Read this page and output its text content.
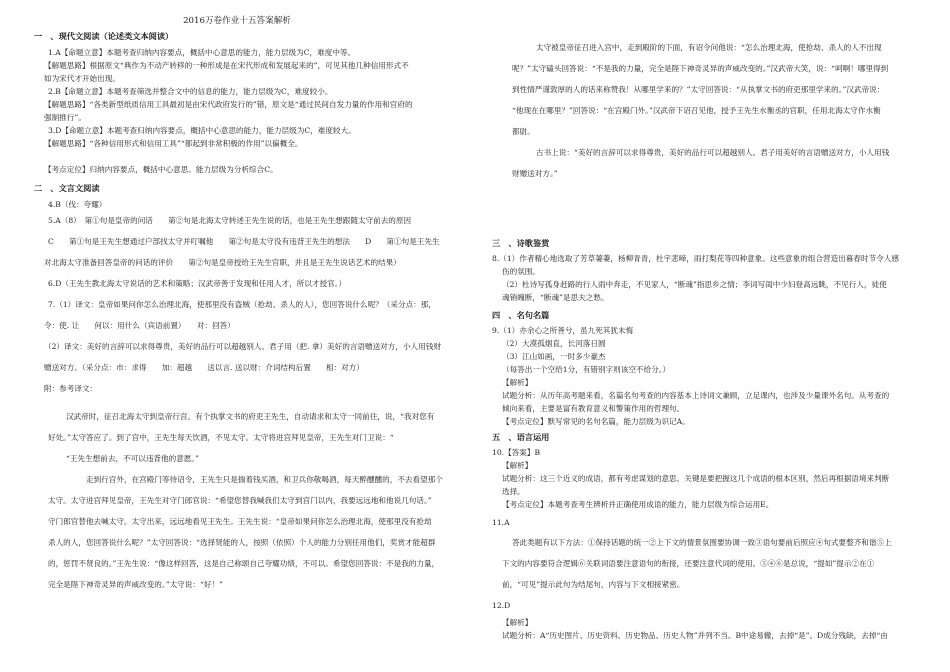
2016万卷作业十五答案解析
一　、现代文阅读（论述类文本阅读）
1.A【命题立意】本题考查归纳内容要点，概括中心意思的能力，能力层级为C，难度中等。
【解题思路】根据原文“典作为不动产转移的一种形成是在宋代形成和发展起来的”，可见其他几种信用形式不
如为宋代才开始出现。
2.B【命题立意】本题考查筛选并整合文中的信息的能力，能力层级为C，难度较小。
【解题思路】“各类新型纸质信用工具最初是由宋代政府发行的”错，原文是“通过民间自发力量的作用和官府的
强制推行”。
3.D【命题立意】本题考查归纳内容要点，概括中心意思的能力，能力层级为C，难度较大。
【解题思路】“各种信用形式和信用工具”“都起到非常积极的作用”以偏概全。
【考点定位】归纳内容要点，概括中心意思。能力层级为分析综合C。
二　、文言文阅读
4.B（伐：夸耀）
5.A（8）　第①句是皇帝的问话　　第②句是北海太守转述王先生说的话，也是王先生想跟随太守前去的原因
C　　第①句是王先生想通过户部找太守并叮嘱他　　第②句是太守没有违背王先生的想法　　D　　第①句是王先生
对北海太守准备回答皇帝的问话的评价　　第②句是皇帝授给王先生官职，并且是王先生说话艺术的结果）
6.D（王先生教北海太守说话的艺术和策略；汉武帝善于发现和任用人才，所以才授官。）
7.（1）译文：皇帝如果问你怎么治理北海，使那里没有盗贼（抢劫、杀人的人），您回答说什么呢？（采分点：那，
令：使. 让　　何以：用什么（宾语前置）　　对：回答）
（2）译文：美好的言辞可以求得尊贵，美好的品行可以超越别人。君子用（把. 拿）美好的言语赠送对方，小人用钱财
赠送对方。（采分点：市：求得　　加：超越　　送以言. 送以财：介词结构后置　　相：对方）
附：参考译文：
汉武帝时，征召北海太守到皇帝行宫。有个执掌文书的府吏王先生，自动请求和太守一同前往，说，“我对您有
好处。”太守答应了。到了宫中，王先生每天饮酒，不见太守。太守将进宫拜见皇帝，王先生对门卫说：“
“王先生想前去，不可以违背他的意愿。”
走到行宫外，在宫殿门等待诏令，王先生只是揣着钱买酒，和卫兵你敬喝酒，每天醉醺醺的，不去看望那个
太守。太守进宫拜见皇帝，王先生对守门郎官说：“希望您替我喊我们太守到宫门以内，我要远远地和他说几句话。”
守门郎官替他去喊太守。太守出来，远远地看见王先生。王先生说：“皇帝如果问你怎么治理北海，使那里没有抢劫
杀人的人，您回答说什么呢？”太守回答说：“选择贤能的人，按照（依照）个人的能力分别任用他们，奖赏才能超群
的，惩罚不贤良的。”王先生说：“像这样回答，这是自己称颂自己夸耀功绩，不可以。希望您回答说：不是我的力量，
完全是陛下神奇灵异的声威改变的。”太守说：“好！”
太守被皇帝征召进入宫中，走到殿阶的下面，有诏令问他说：“怎么治理北海，使抢劫、杀人的人不出现
呢？”太守磕头回答说：“不是我的力量，完全是陛下神奇灵异的声威改变的。”汉武帝大笑，说：“呵啊！哪里得到
到性情严谨敦厚的人的话来称赞我！从哪里学来的？”太守回答说：“从执掌文书的府吏那里学来的。”汉武帝说：
“他现在在哪里？”回答说：“在宫殿门外。”汉武帝下诏召见他，授予王先生水衡丞的官职，任用北海太守作水衡
都尉。
古书上说：“美好的言辞可以求得尊贵，美好的品行可以超越别人。君子用美好的言语赠送对方，小人用钱
财赠送对方。”
三　、诗歌鉴赏
8.（1）作者精心地选取了芳草萋萋，杨柳青青，杜宇悲啼，雨打梨花等四种意象。这些意象的组合营造出暮春时节令人感
伤的氛围。
（2）杜诗写孤身赶路的行人雨中奔走，不见家人，“断魂”指思乡之情；李词写闺中少妇登高远眺，不见行人，徒使
魂销魄断，“断魂”是思夫之愁。
四　、名句名篇
9.（1）亦余心之所善兮，虽九死其犹未悔
（2）大漠孤烟直，长河落日圆
（3）江山如画，一时多少豪杰
（每答出一个空给1分，有错别字则该空不给分。）
【解析】
试题分析：从历年高考题来看，名篇名句考查的内容基本上诗词文兼顾，立足课内，也涉及少量课外名句。从考查的
倾向来看，主要是富有教育意义和警策作用的哲理句。
【考点定位】默写常见的名句名篇，能力层级为识记A。
五　、语言运用
10.【答案】B
【解析】
试题分析：这三个近义的成语，都有考虑谋划的意思。关键是要把握这几个成语的根本区别，然后再根据语境来判断
选择。
【考点定位】本题考查考生辨析并正确使用成语的能力，能力层级为综合运用E。
11.A
答此类题有以下方法：①保持话题的统一②上下文的情景氛围要协调一致③语句要前后照应④句式要整齐和谐⑤上
下文的内容要符合逻辑⑥关联词语要注意语句的衔接，还要注意代词的使用。⑤④⑥是总说，“提如”提示②在①
前，“可见”提示此句为结尾句，内容与下文相接紧密。
12.D
【解析】
试题分析：A“历史图片、历史资料、历史物品、历史人物”并列不当。B中途易辙，去掉“是”。D成分残缺，去掉“由
